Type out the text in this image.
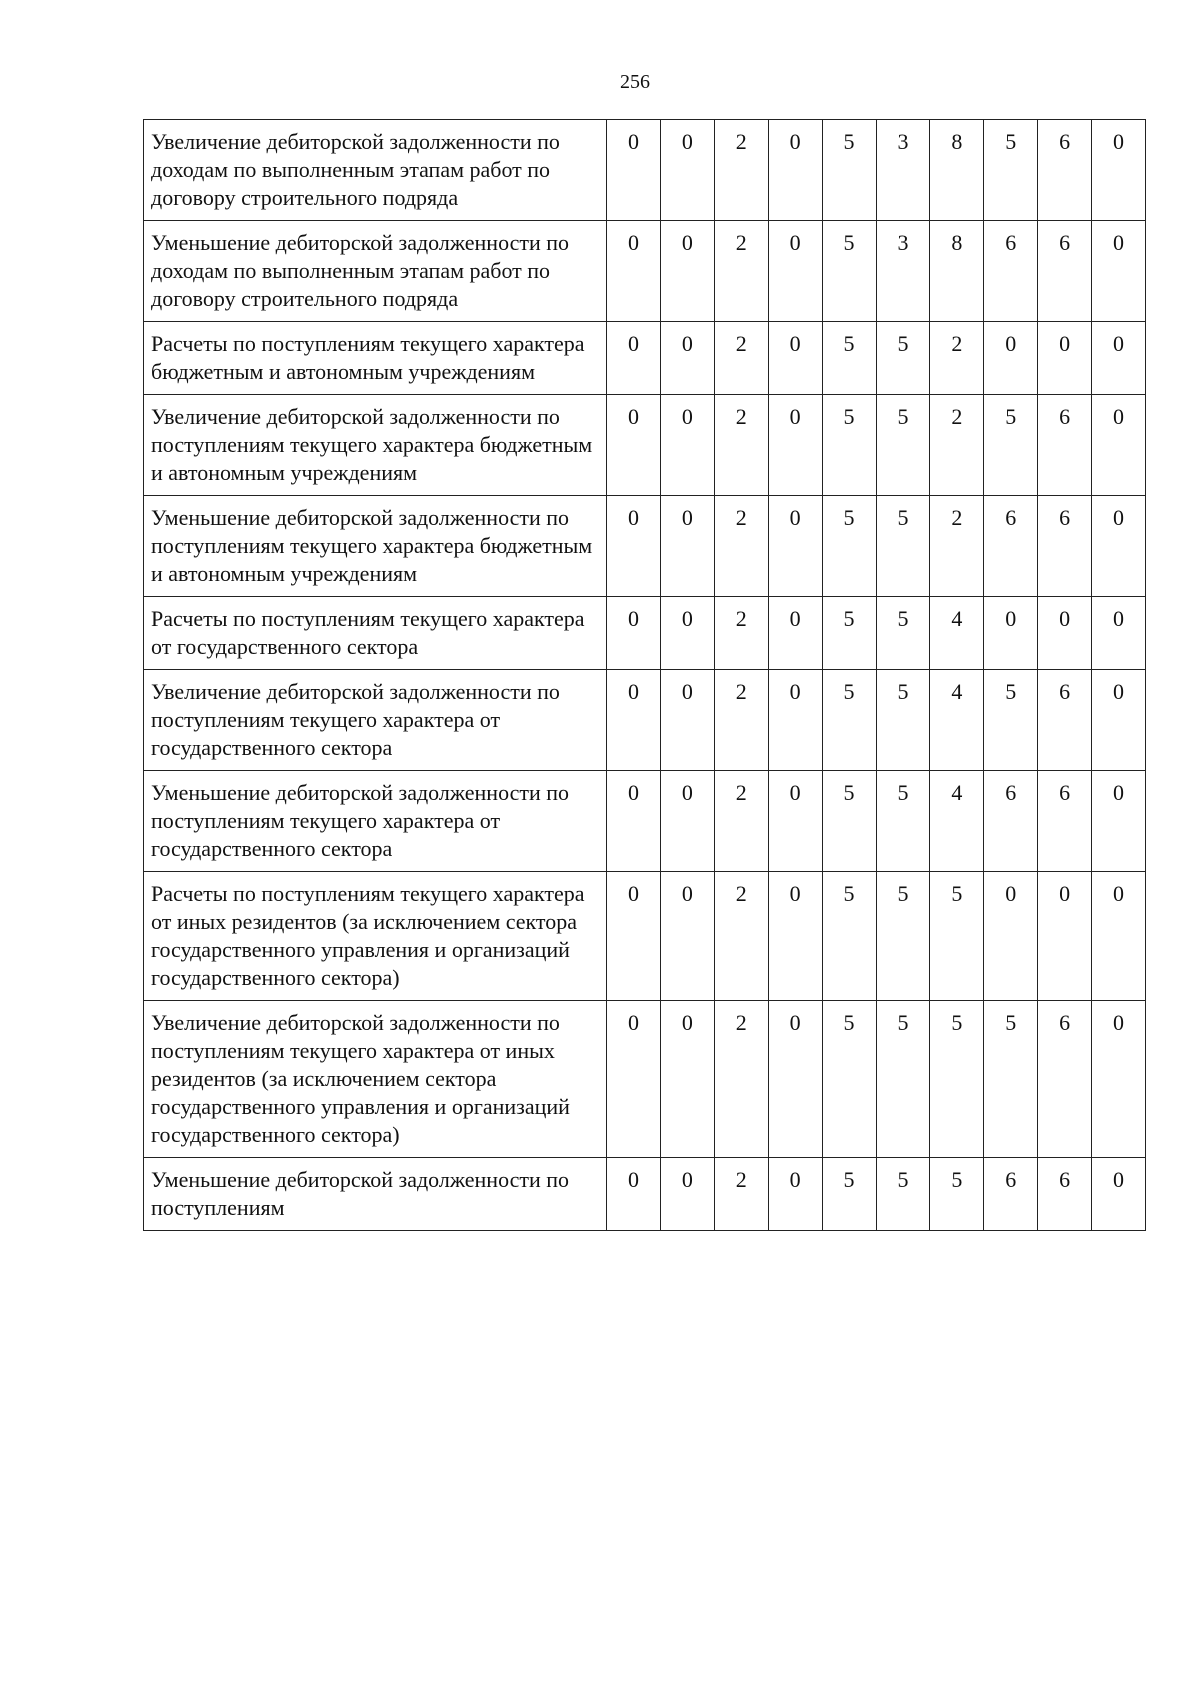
256
Увеличение дебиторской задолженности по доходам по выполненным этапам работ по договору строительного подряда	0	0	2	0	5	3	8	5	6	0
Уменьшение дебиторской задолженности по доходам по выполненным этапам работ по договору строительного подряда	0	0	2	0	5	3	8	6	6	0
Расчеты по поступлениям текущего характера бюджетным и автономным учреждениям	0	0	2	0	5	5	2	0	0	0
Увеличение дебиторской задолженности по поступлениям текущего характера бюджетным и автономным учреждениям	0	0	2	0	5	5	2	5	6	0
Уменьшение дебиторской задолженности по поступлениям текущего характера бюджетным и автономным учреждениям	0	0	2	0	5	5	2	6	6	0
Расчеты по поступлениям текущего характера от государственного сектора	0	0	2	0	5	5	4	0	0	0
Увеличение дебиторской задолженности по поступлениям текущего характера от государственного сектора	0	0	2	0	5	5	4	5	6	0
Уменьшение дебиторской задолженности по поступлениям текущего характера от государственного сектора	0	0	2	0	5	5	4	6	6	0
Расчеты по поступлениям текущего характера от иных резидентов (за исключением сектора государственного управления и организаций государственного сектора)	0	0	2	0	5	5	5	0	0	0
Увеличение дебиторской задолженности по поступлениям текущего характера от иных резидентов (за исключением сектора государственного управления и организаций государственного сектора)	0	0	2	0	5	5	5	5	6	0
Уменьшение дебиторской задолженности по поступлениям	0	0	2	0	5	5	5	6	6	0
